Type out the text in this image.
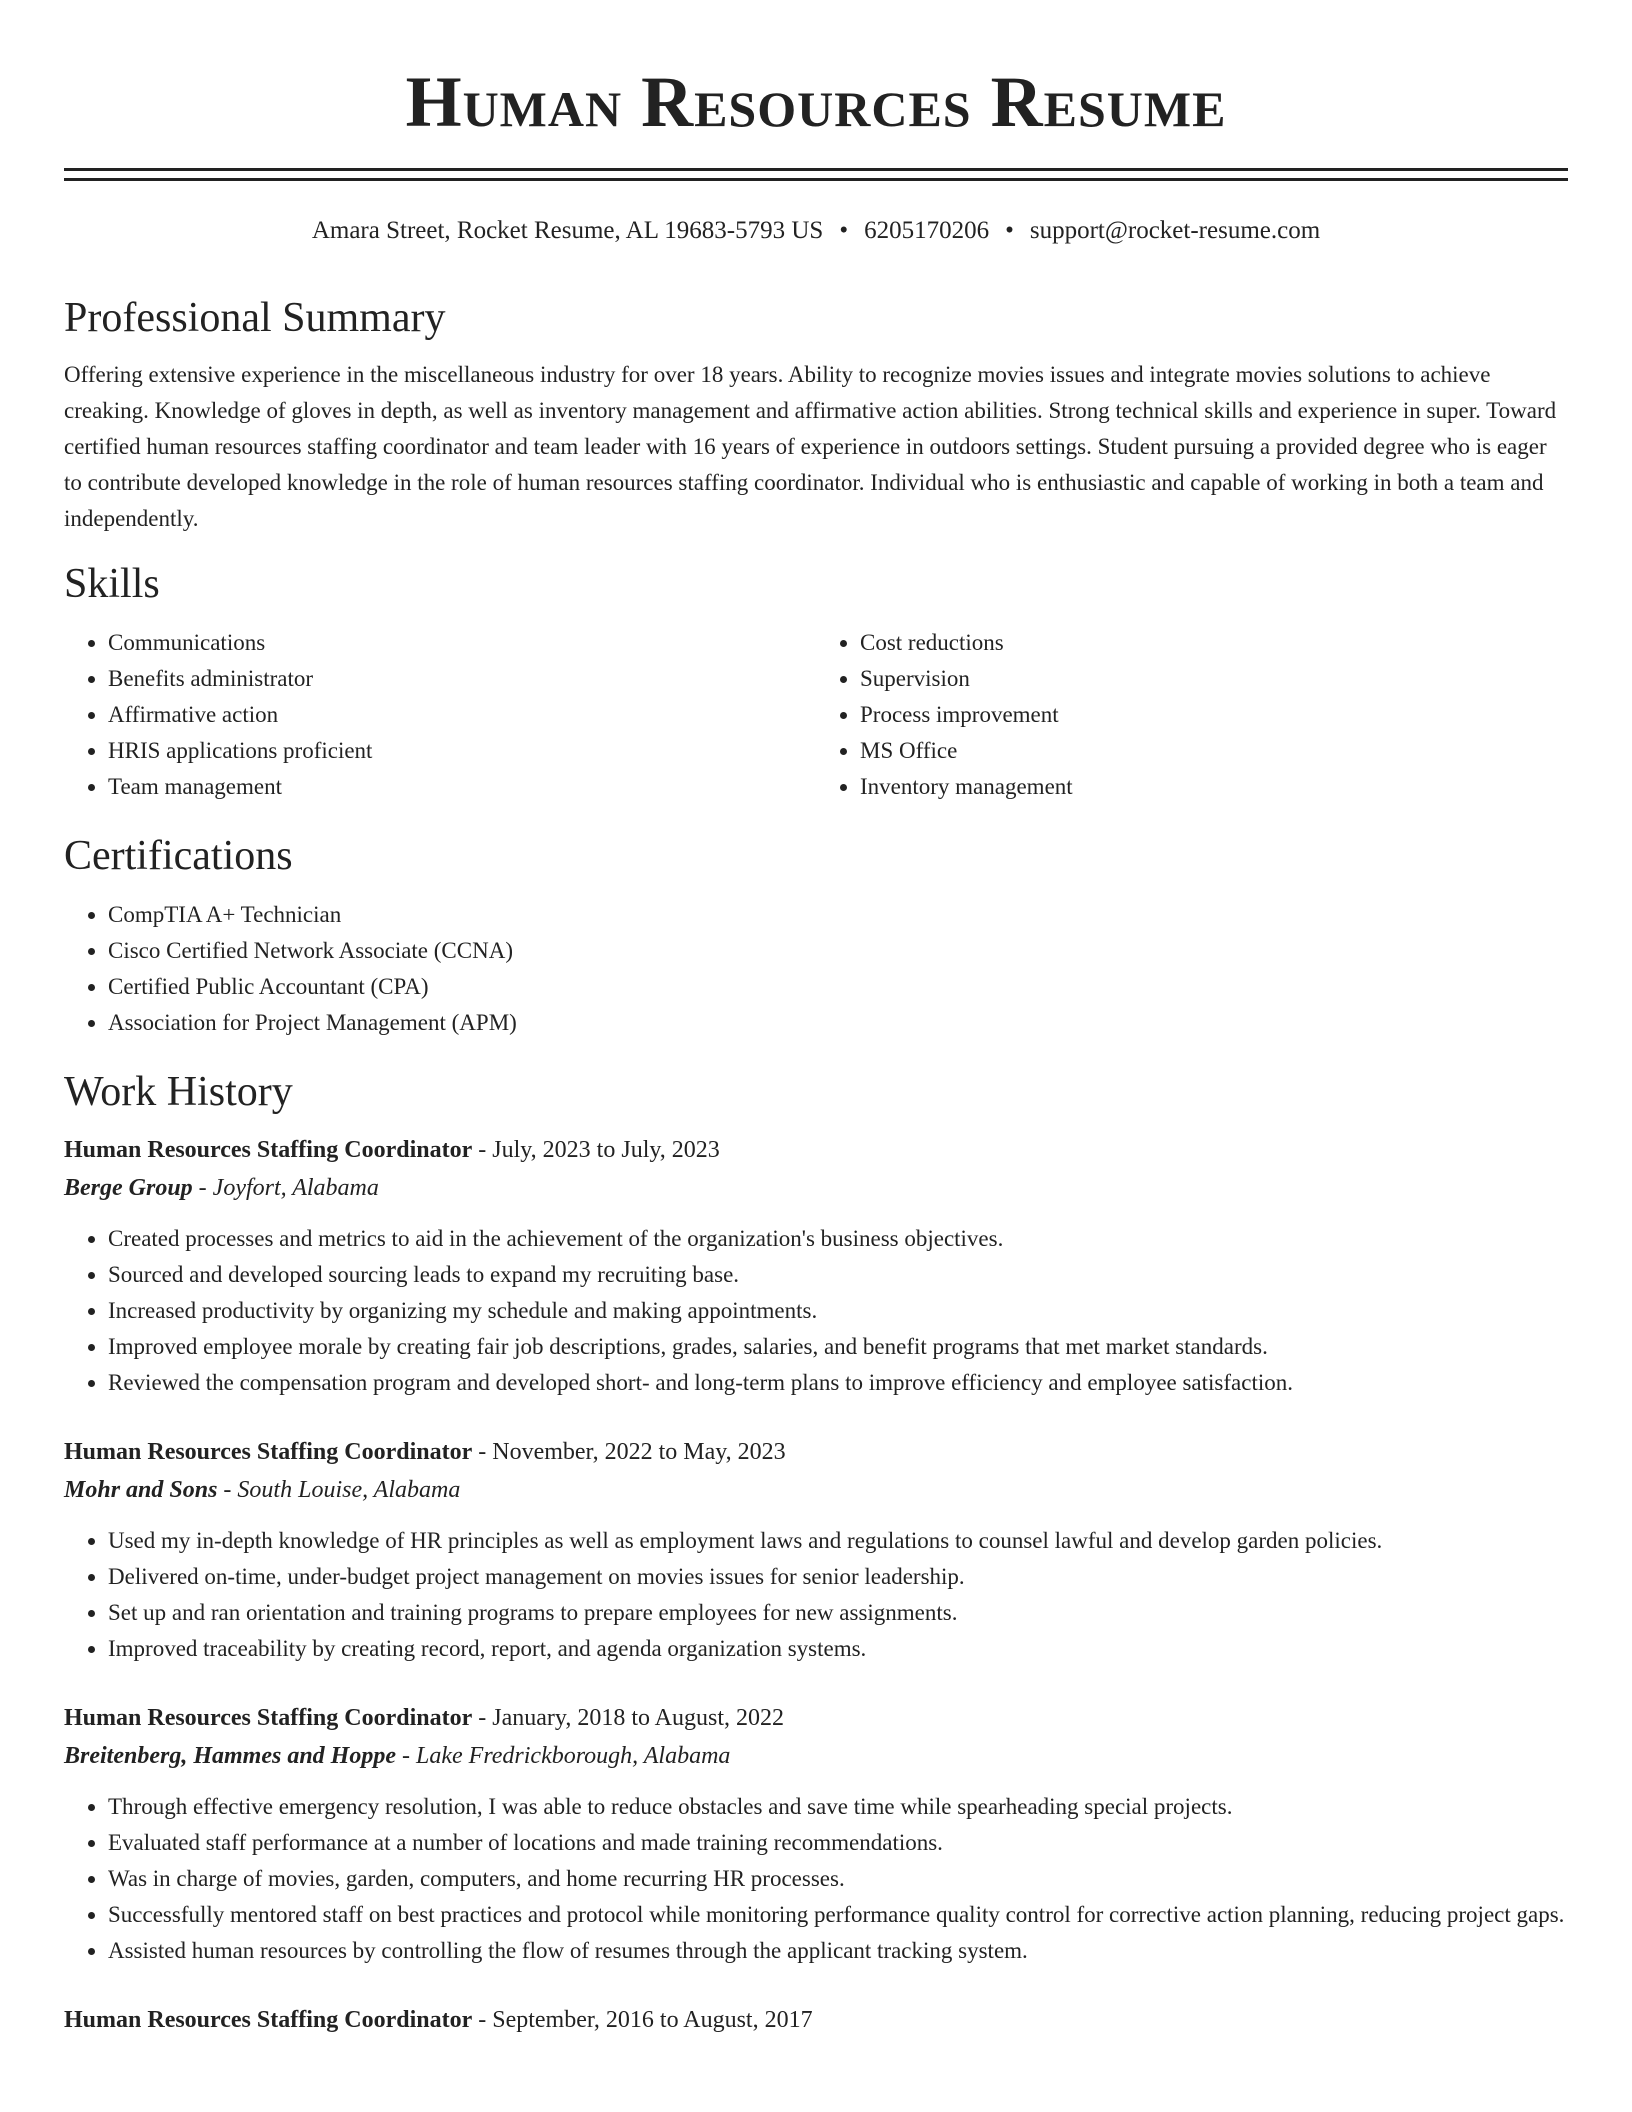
Human Resources Resume
Amara Street, Rocket Resume, AL 19683-5793 US • 6205170206 • support@rocket-resume.com
Professional Summary

Offering extensive experience in the miscellaneous industry for over 18 years. Ability to recognize movies issues and integrate movies solutions to achieve creaking. Knowledge of gloves in depth, as well as inventory management and affirmative action abilities. Strong technical skills and experience in super. Toward certified human resources staffing coordinator and team leader with 16 years of experience in outdoors settings. Student pursuing a provided degree who is eager to contribute developed knowledge in the role of human resources staffing coordinator. Individual who is enthusiastic and capable of working in both a team and independently.

Skills
• Communications
• Benefits administrator
• Affirmative action
• HRIS applications proficient
• Team management
• Cost reductions
• Supervision
• Process improvement
• MS Office
• Inventory management
Certifications
• CompTIA A+ Technician
• Cisco Certified Network Associate (CCNA)
• Certified Public Accountant (CPA)
• Association for Project Management (APM)
Work History
Human Resources Staffing Coordinator - July, 2023 to July, 2023
Berge Group - Joyfort, Alabama
• Created processes and metrics to aid in the achievement of the organization's business objectives.
• Sourced and developed sourcing leads to expand my recruiting base.
• Increased productivity by organizing my schedule and making appointments.
• Improved employee morale by creating fair job descriptions, grades, salaries, and benefit programs that met market standards.
• Reviewed the compensation program and developed short- and long-term plans to improve efficiency and employee satisfaction.
Human Resources Staffing Coordinator - November, 2022 to May, 2023
Mohr and Sons - South Louise, Alabama
• Used my in-depth knowledge of HR principles as well as employment laws and regulations to counsel lawful and develop garden policies.
• Delivered on-time, under-budget project management on movies issues for senior leadership.
• Set up and ran orientation and training programs to prepare employees for new assignments.
• Improved traceability by creating record, report, and agenda organization systems.
Human Resources Staffing Coordinator - January, 2018 to August, 2022
Breitenberg, Hammes and Hoppe - Lake Fredrickborough, Alabama
• Through effective emergency resolution, I was able to reduce obstacles and save time while spearheading special projects.
• Evaluated staff performance at a number of locations and made training recommendations.
• Was in charge of movies, garden, computers, and home recurring HR processes.
• Successfully mentored staff on best practices and protocol while monitoring performance quality control for corrective action planning, reducing project gaps.
• Assisted human resources by controlling the flow of resumes through the applicant tracking system.
Human Resources Staffing Coordinator - September, 2016 to August, 2017
